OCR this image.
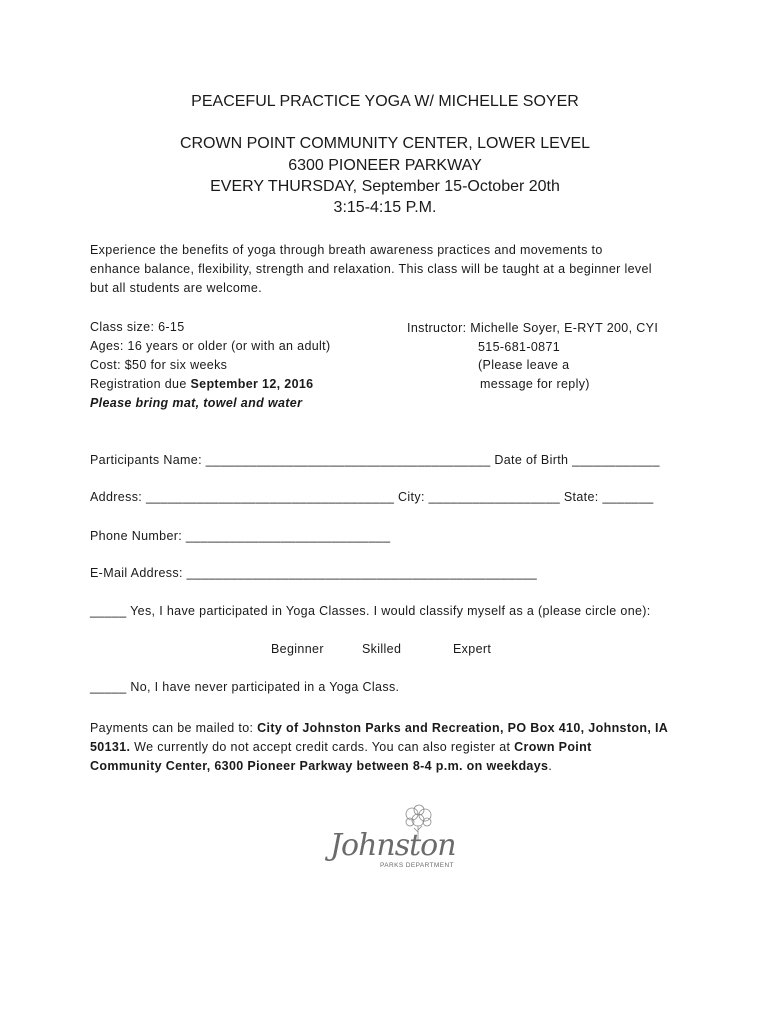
PEACEFUL PRACTICE YOGA W/ MICHELLE SOYER
CROWN POINT COMMUNITY CENTER, LOWER LEVEL
6300 PIONEER PARKWAY
EVERY THURSDAY, September 15-October 20th
3:15-4:15 P.M.
Experience the benefits of yoga through breath awareness practices and movements to
enhance balance, flexibility, strength and relaxation. This class will be taught at a beginner level
but all students are welcome.
Class size: 6-15
Ages: 16 years or older (or with an adult)
Cost: $50 for six weeks
Registration due September 12, 2016
Please bring mat, towel and water
Instructor: Michelle Soyer, E-RYT 200, CYI
515-681-0871
(Please leave a
message for reply)
Participants Name: _______________________________________ Date of Birth ____________
Address: __________________________________ City: __________________ State: _______
Phone Number: ____________________________
E-Mail Address: ________________________________________________
_____ Yes, I have participated in Yoga Classes. I would classify myself as a (please circle one):
Beginner	Skilled	Expert
_____ No, I have never participated in a Yoga Class.
Payments can be mailed to: City of Johnston Parks and Recreation, PO Box 410, Johnston, IA
50131. We currently do not accept credit cards. You can also register at Crown Point
Community Center, 6300 Pioneer Parkway between 8-4 p.m. on weekdays.
Johnston
PARKS DEPARTMENT
